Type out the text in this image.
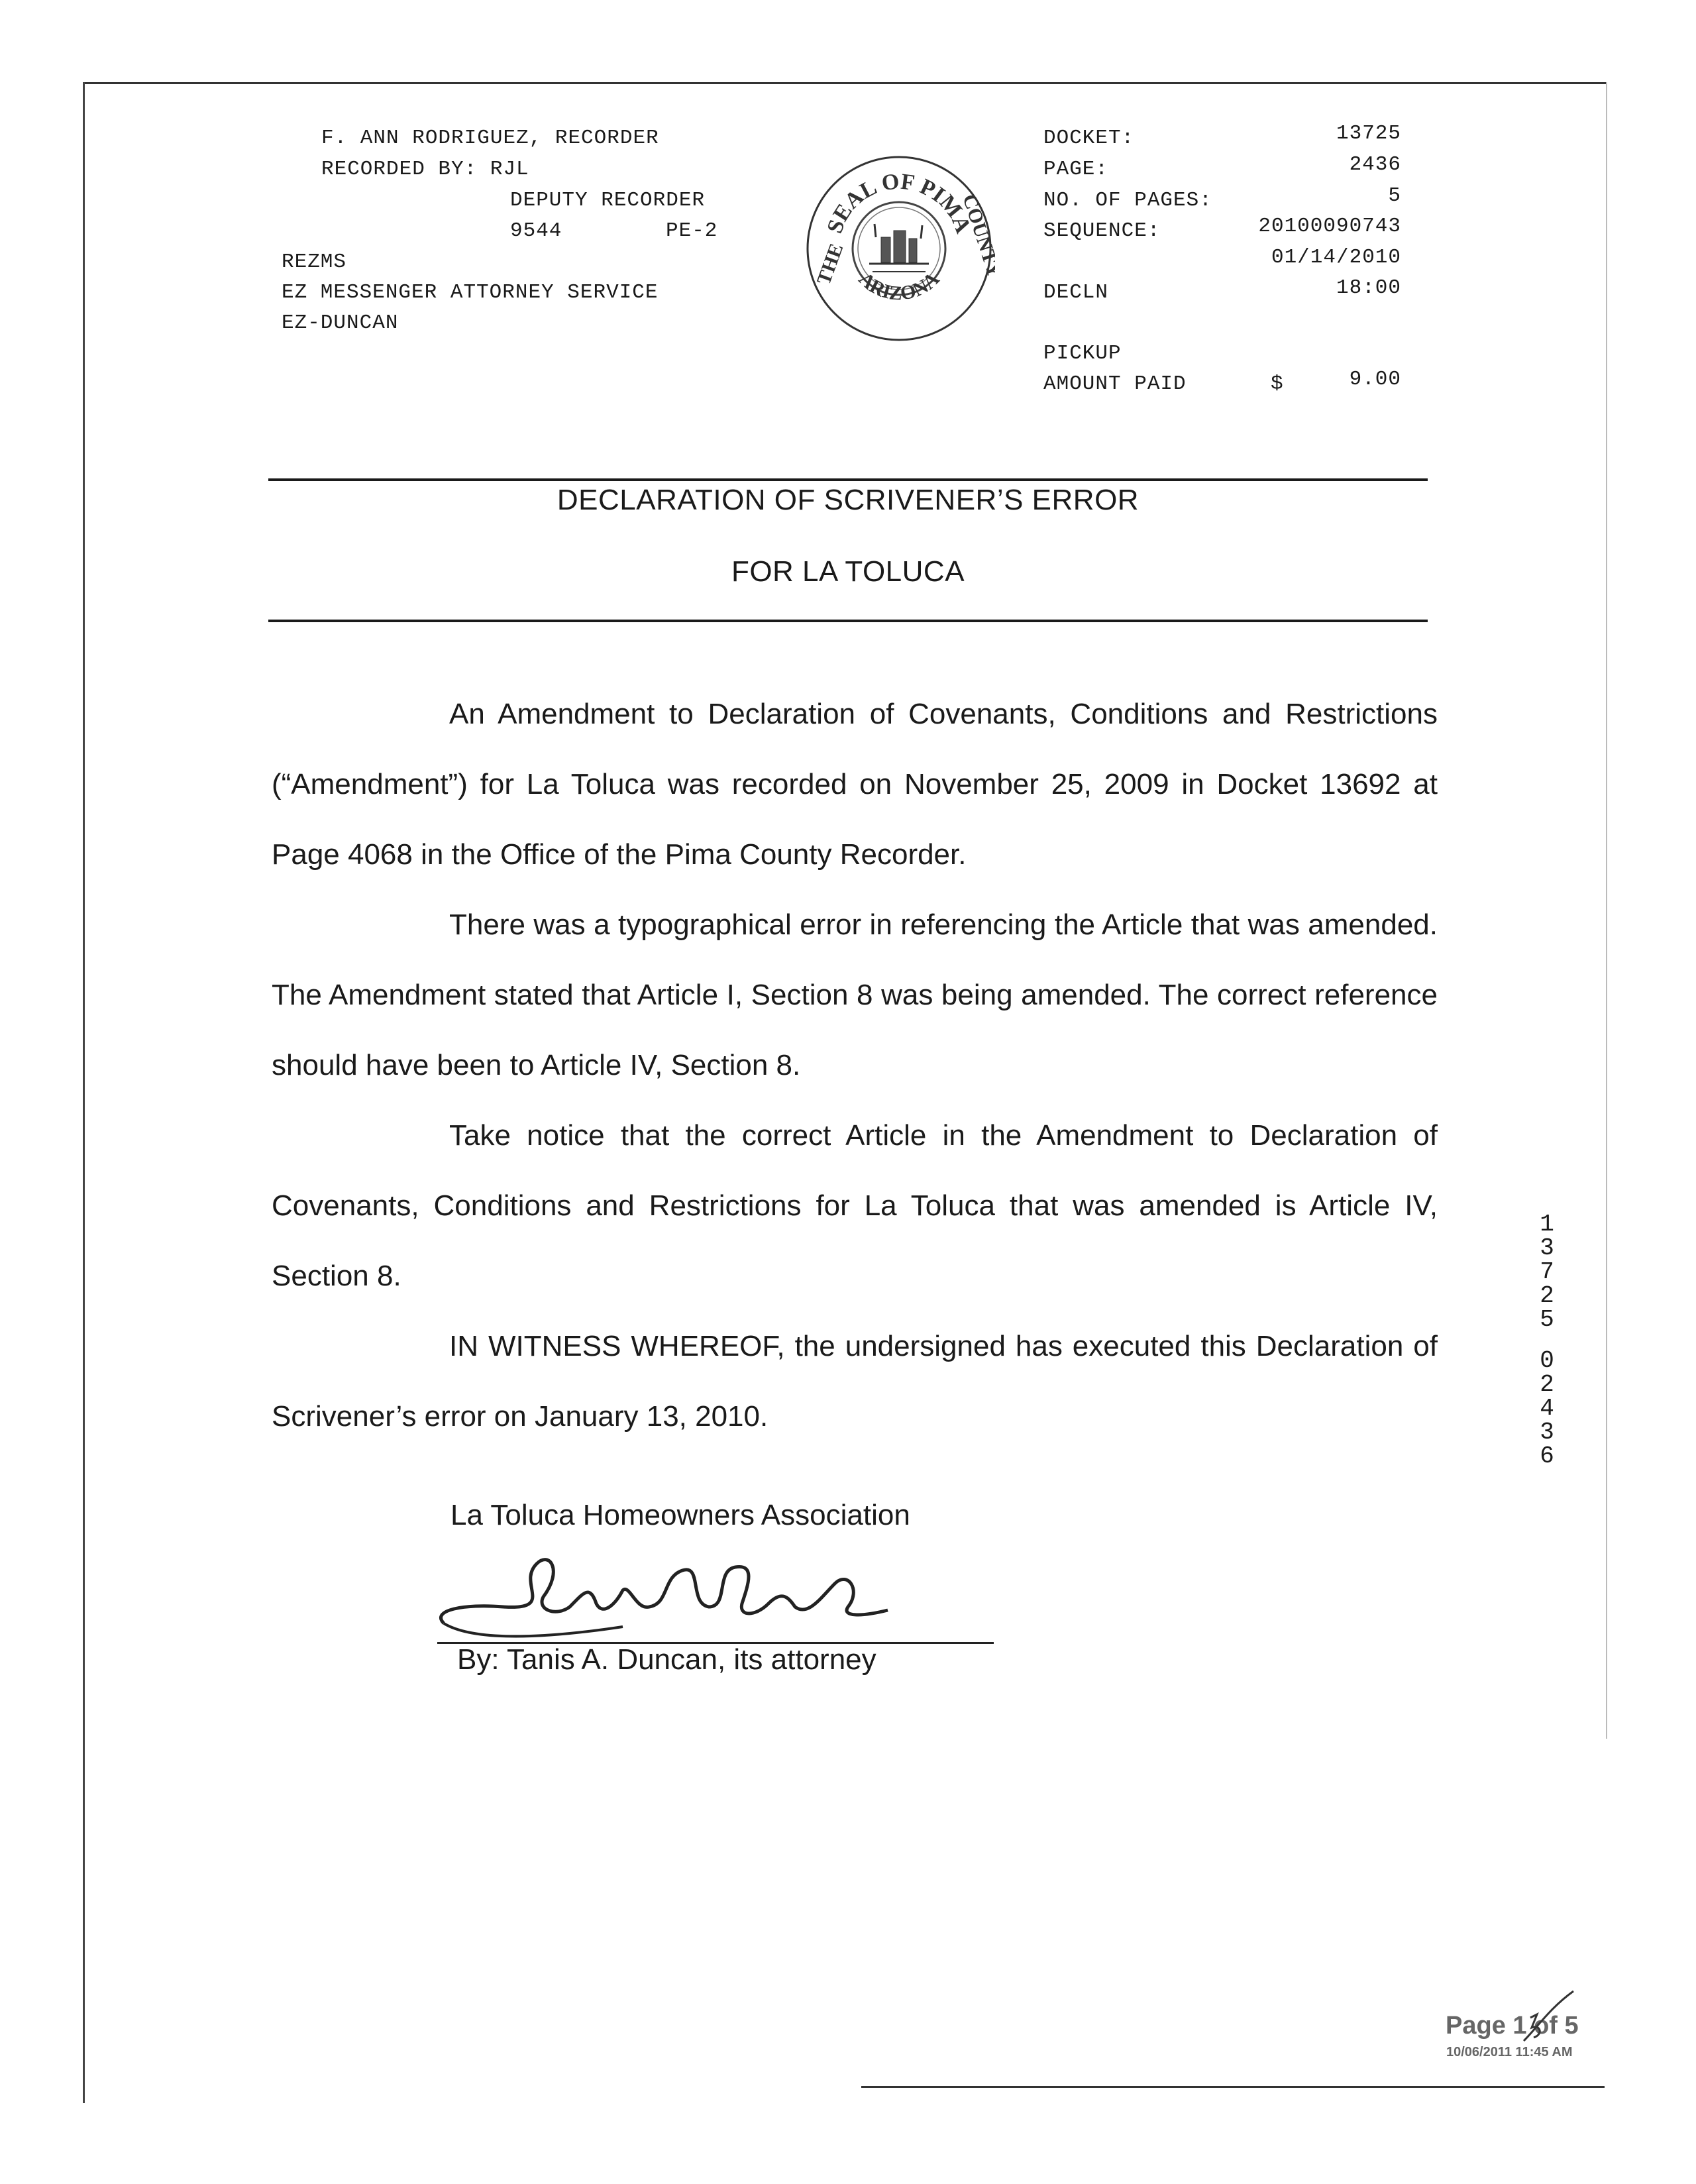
F. ANN RODRIGUEZ, RECORDER
RECORDED BY: RJL
DEPUTY RECORDER
9544	PE-2
REZMS
EZ MESSENGER ATTORNEY SERVICE
EZ-DUNCAN
SEAL OF PIMA
THE	COUNTY
ARIZONA
DOCKET:	13725
PAGE:	2436
NO. OF PAGES:	5
SEQUENCE:	20100090743
01/14/2010
DECLN	18:00
PICKUP
AMOUNT PAID	$	9.00
DECLARATION OF SCRIVENER’S ERROR
FOR LA TOLUCA

An Amendment to Declaration of Covenants, Conditions and Restrictions (“Amendment”) for La Toluca was recorded on November 25, 2009 in Docket 13692 at Page 4068 in the Office of the Pima County Recorder.

There was a typographical error in referencing the Article that was amended. The Amendment stated that Article I, Section 8 was being amended. The correct reference should have been to Article IV, Section 8.

Take notice that the correct Article in the Amendment to Declaration of Covenants, Conditions and Restrictions for La Toluca that was amended is Article IV, Section 8.

IN WITNESS WHEREOF, the undersigned has executed this Declaration of Scrivener’s error on January 13, 2010.

La Toluca Homeowners Association
By: Tanis A. Duncan, its attorney
1
3
7
2
5
0
2
4
3
6
Page 1 of 5
10/06/2011 11:45 AM
